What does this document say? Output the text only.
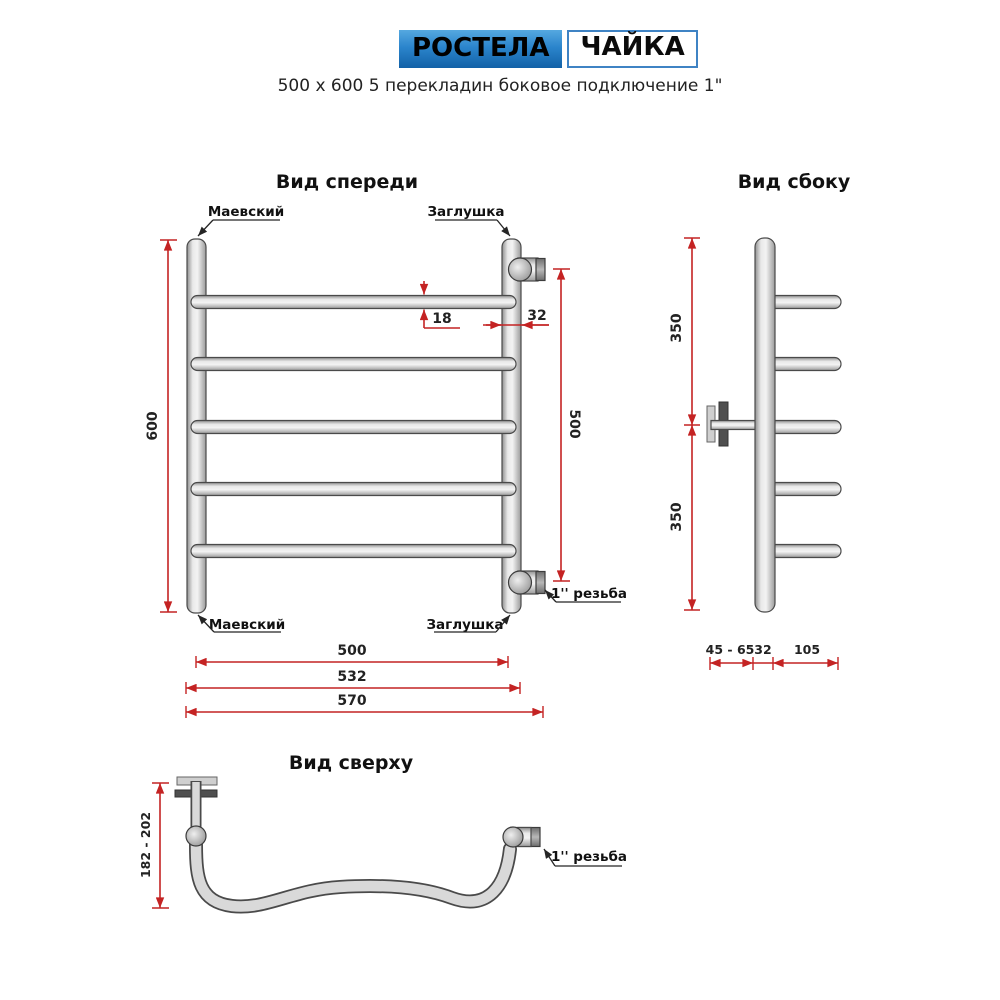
РОСТЕЛА	ЧАЙКА
500 x 600 5 перекладин боковое подключение 1"
Вид спереди
Маевский	Заглушка
Маевский	Заглушка
1'' резьба
600	500
18	32
500
532
570
Вид сбоку
350
350
45 - 65 32 105
Вид сверху
182 - 202	1'' резьба
